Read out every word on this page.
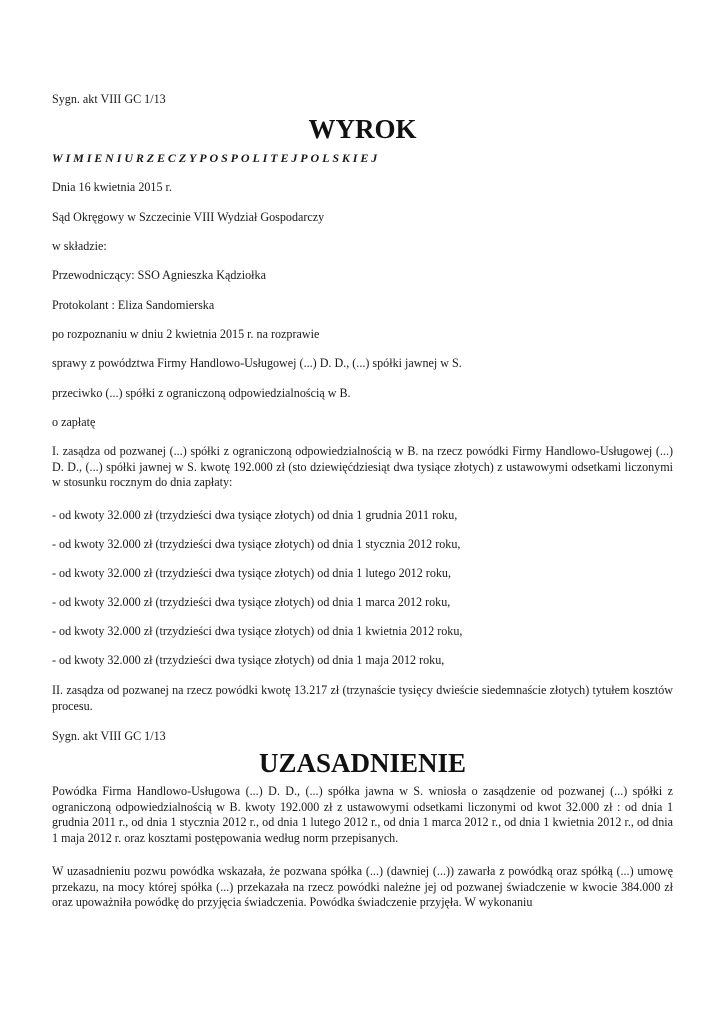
Sygn. akt VIII GC 1/13

WYROK

WIMIENIURZECZYPOSPOLITEJPOLSKIEJ

Dnia 16 kwietnia 2015 r.

Sąd Okręgowy w Szczecinie VIII Wydział Gospodarczy

w składzie:

Przewodniczący: SSO Agnieszka Kądziołka

Protokolant : Eliza Sandomierska

po rozpoznaniu w dniu 2 kwietnia 2015 r. na rozprawie

sprawy z powództwa Firmy Handlowo-Usługowej (...) D. D., (...) spółki jawnej w S.

przeciwko (...) spółki z ograniczoną odpowiedzialnością w B.

o zapłatę

I. zasądza od pozwanej (...) spółki z ograniczoną odpowiedzialnością w B. na rzecz powódki Firmy Handlowo-Usługowej (...) D. D., (...) spółki jawnej w S. kwotę 192.000 zł (sto dziewięćdziesiąt dwa tysiące złotych) z ustawowymi odsetkami liczonymi w stosunku rocznym do dnia zapłaty:

- od kwoty 32.000 zł (trzydzieści dwa tysiące złotych) od dnia 1 grudnia 2011 roku,

- od kwoty 32.000 zł (trzydzieści dwa tysiące złotych) od dnia 1 stycznia 2012 roku,

- od kwoty 32.000 zł (trzydzieści dwa tysiące złotych) od dnia 1 lutego 2012 roku,

- od kwoty 32.000 zł (trzydzieści dwa tysiące złotych) od dnia 1 marca 2012 roku,

- od kwoty 32.000 zł (trzydzieści dwa tysiące złotych) od dnia 1 kwietnia 2012 roku,

- od kwoty 32.000 zł (trzydzieści dwa tysiące złotych) od dnia 1 maja 2012 roku,

II. zasądza od pozwanej na rzecz powódki kwotę 13.217 zł (trzynaście tysięcy dwieście siedemnaście złotych) tytułem kosztów procesu.

Sygn. akt VIII GC 1/13

UZASADNIENIE

Powódka Firma Handlowo-Usługowa (...) D. D., (...) spółka jawna w S. wniosła o zasądzenie od pozwanej (...) spółki z ograniczoną odpowiedzialnością w B. kwoty 192.000 zł z ustawowymi odsetkami liczonymi od kwot 32.000 zł : od dnia 1 grudnia 2011 r., od dnia 1 stycznia 2012 r., od dnia 1 lutego 2012 r., od dnia 1 marca 2012 r., od dnia 1 kwietnia 2012 r., od dnia 1 maja 2012 r. oraz kosztami postępowania według norm przepisanych.

W uzasadnieniu pozwu powódka wskazała, że pozwana spółka (...) (dawniej (...)) zawarła z powódką oraz spółką (...) umowę przekazu, na mocy której spółka (...) przekazała na rzecz powódki należne jej od pozwanej świadczenie w kwocie 384.000 zł oraz upoważniła powódkę do przyjęcia świadczenia. Powódka świadczenie przyjęła. W wykonaniu
